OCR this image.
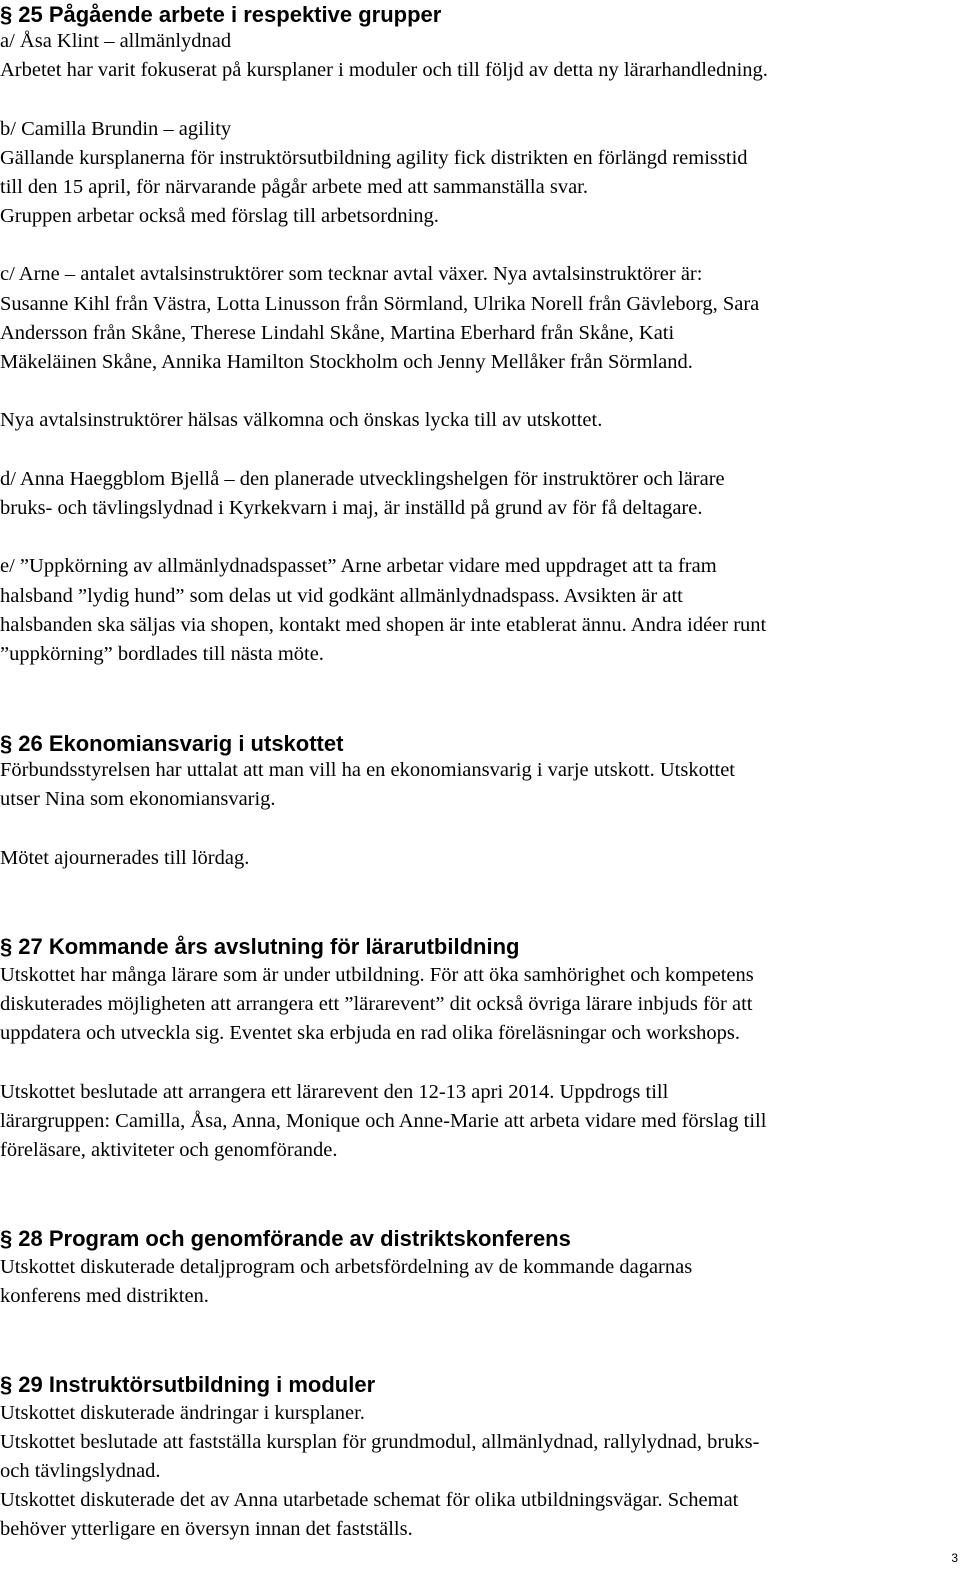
§ 25 Pågående arbete i respektive grupper

a/ Åsa Klint – allmänlydnad

Arbetet har varit fokuserat på kursplaner i moduler och till följd av detta ny lärarhandledning.

b/ Camilla Brundin – agility

Gällande kursplanerna för instruktörsutbildning agility fick distrikten en förlängd remisstid

till den 15 april, för närvarande pågår arbete med att sammanställa svar.

Gruppen arbetar också med förslag till arbetsordning.

c/ Arne – antalet avtalsinstruktörer som tecknar avtal växer. Nya avtalsinstruktörer är:

Susanne Kihl från Västra, Lotta Linusson från Sörmland, Ulrika Norell från Gävleborg, Sara

Andersson från Skåne, Therese Lindahl Skåne, Martina Eberhard från Skåne, Kati

Mäkeläinen Skåne, Annika Hamilton Stockholm och Jenny Mellåker från Sörmland.

Nya avtalsinstruktörer hälsas välkomna och önskas lycka till av utskottet.

d/ Anna Haeggblom Bjellå – den planerade utvecklingshelgen för instruktörer och lärare

bruks- och tävlingslydnad i Kyrkekvarn i maj, är inställd på grund av för få deltagare.

e/ ”Uppkörning av allmänlydnadspasset” Arne arbetar vidare med uppdraget att ta fram

halsband ”lydig hund” som delas ut vid godkänt allmänlydnadspass. Avsikten är att

halsbanden ska säljas via shopen, kontakt med shopen är inte etablerat ännu. Andra idéer runt

”uppkörning” bordlades till nästa möte.

§ 26 Ekonomiansvarig i utskottet

Förbundsstyrelsen har uttalat att man vill ha en ekonomiansvarig i varje utskott. Utskottet

utser Nina som ekonomiansvarig.

Mötet ajournerades till lördag.

§ 27 Kommande års avslutning för lärarutbildning

Utskottet har många lärare som är under utbildning. För att öka samhörighet och kompetens

diskuterades möjligheten att arrangera ett ”lärarevent” dit också övriga lärare inbjuds för att

uppdatera och utveckla sig. Eventet ska erbjuda en rad olika föreläsningar och workshops.

Utskottet beslutade att arrangera ett lärarevent den 12-13 apri 2014. Uppdrogs till

lärargruppen: Camilla, Åsa, Anna, Monique och Anne-Marie att arbeta vidare med förslag till

föreläsare, aktiviteter och genomförande.

§ 28 Program och genomförande av distriktskonferens

Utskottet diskuterade detaljprogram och arbetsfördelning av de kommande dagarnas

konferens med distrikten.

§ 29 Instruktörsutbildning i moduler

Utskottet diskuterade ändringar i kursplaner.

Utskottet beslutade att fastställa kursplan för grundmodul, allmänlydnad, rallylydnad, bruks-

och tävlingslydnad.

Utskottet diskuterade det av Anna utarbetade schemat för olika utbildningsvägar. Schemat

behöver ytterligare en översyn innan det fastställs.

3
